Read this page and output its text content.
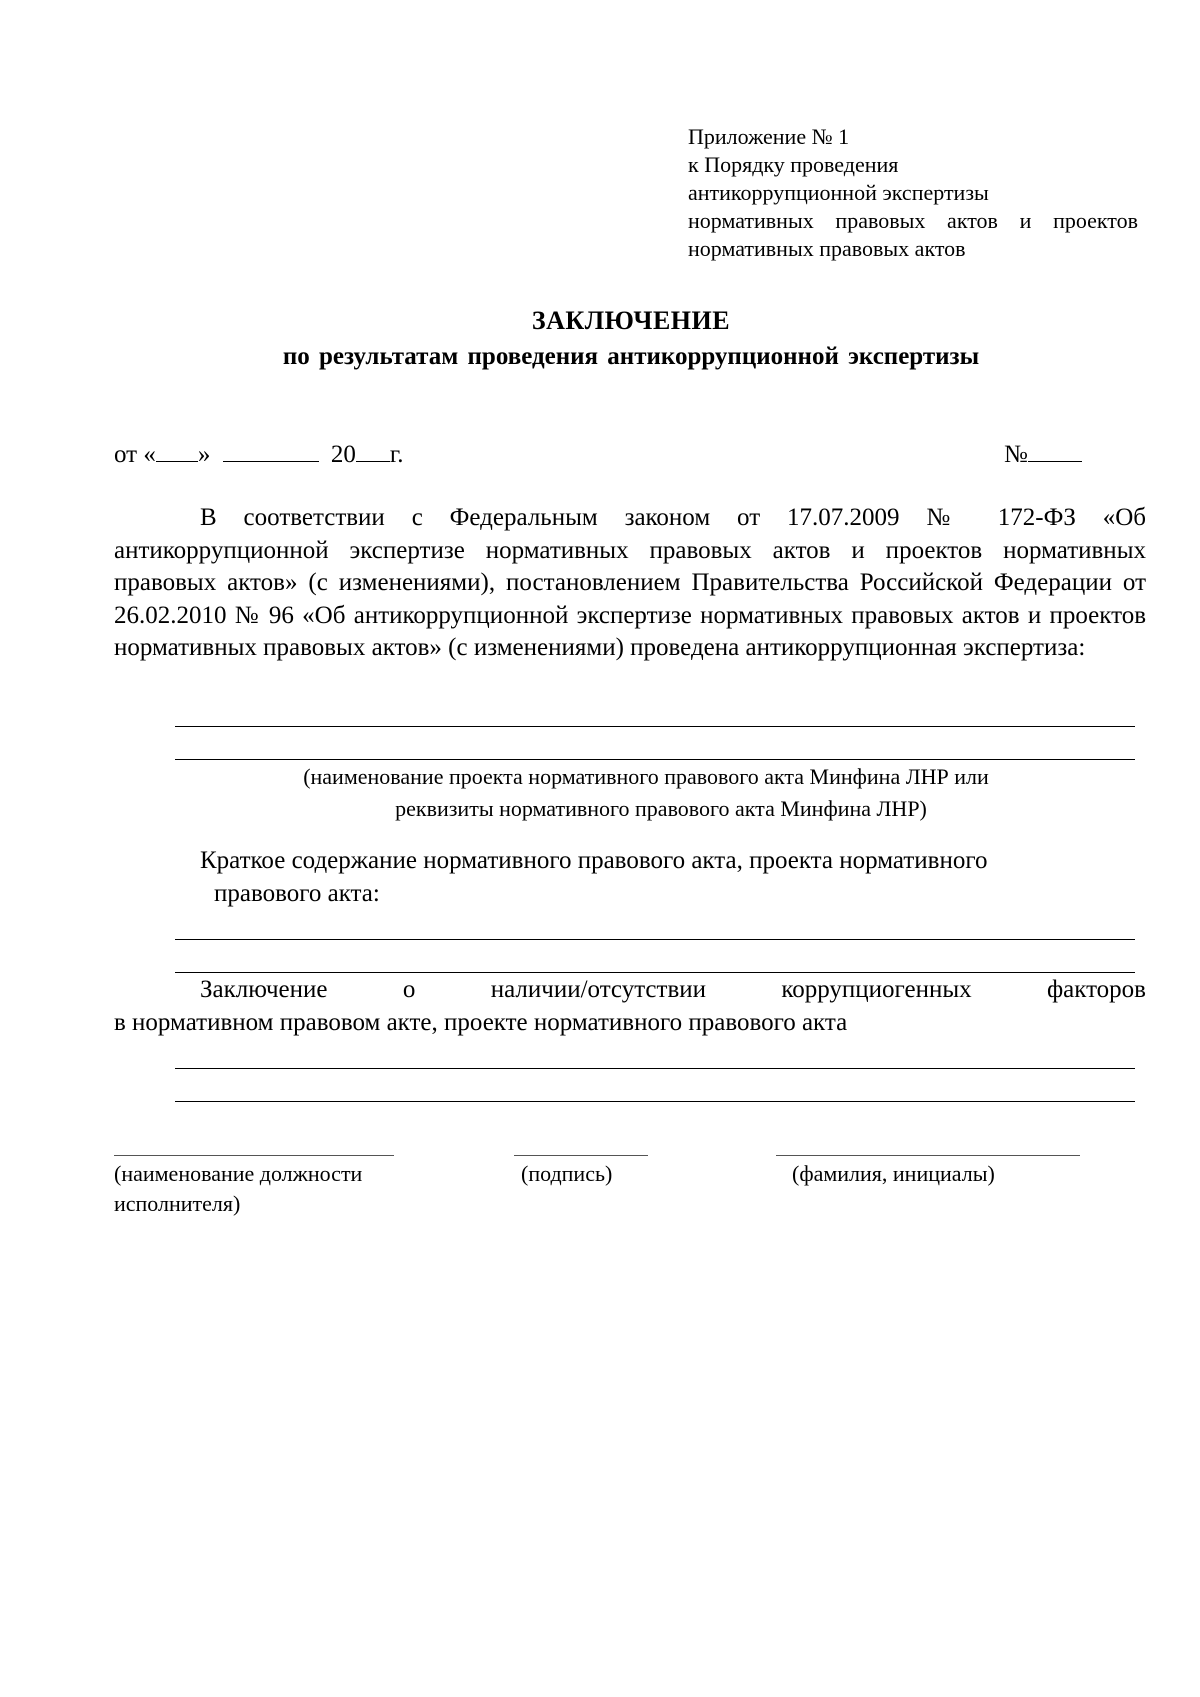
Приложение № 1
к Порядку проведения
антикоррупционной экспертизы
нормативных правовых актов и проектов
нормативных правовых актов
ЗАКЛЮЧЕНИЕ
по результатам проведения антикоррупционной экспертизы
от « »	20 г.	№
В соответствии с Федеральным законом от 17.07.2009 № 172-ФЗ «Об антикоррупционной экспертизе нормативных правовых актов и проектов нормативных правовых актов» (с изменениями), постановлением Правительства Российской Федерации от 26.02.2010 № 96 «Об антикоррупционной экспертизе нормативных правовых актов и проектов нормативных правовых актов» (с изменениями) проведена антикоррупционная экспертиза:
(наименование проекта нормативного правового акта Минфина ЛНР или
реквизиты нормативного правового акта Минфина ЛНР)
Краткое содержание нормативного правового акта, проекта нормативного
правового акта:
Заключение о наличии/отсутствии коррупциогенных факторов
в нормативном правовом акте, проекте нормативного правового акта
(наименование должности
исполнителя)
(подпись)	(фамилия, инициалы)
